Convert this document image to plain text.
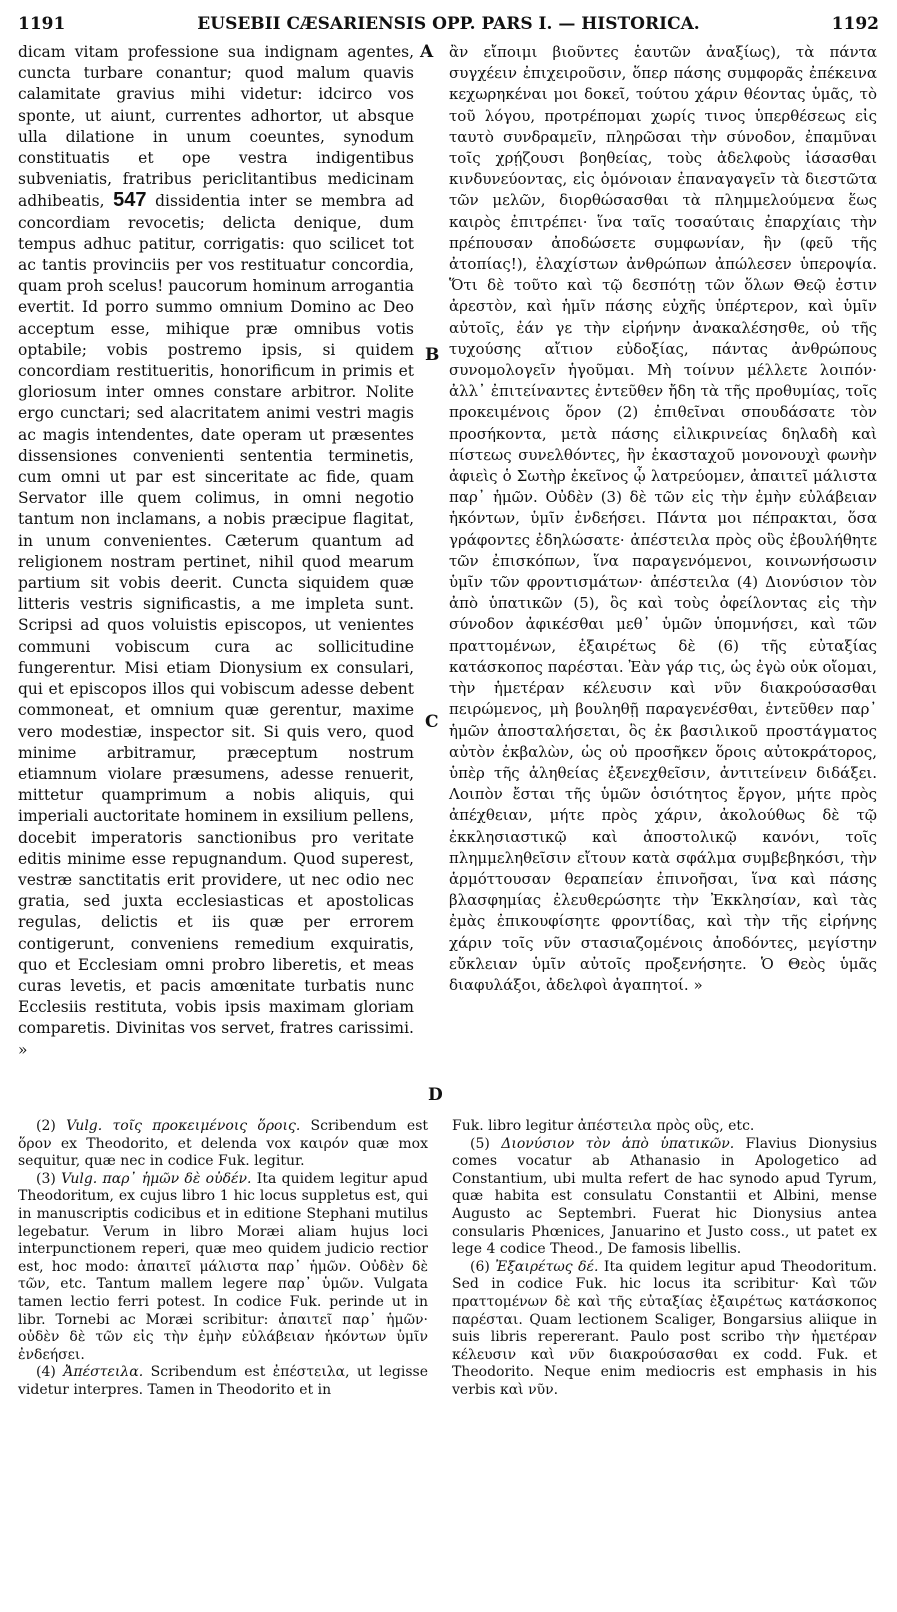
1191	EUSEBII CÆSARIENSIS OPP. PARS I. — HISTORICA.	1192

dicam vitam professione sua indignam agentes, cuncta turbare conantur; quod malum quavis calamitate gravius mihi videtur: idcirco vos sponte, ut aiunt, currentes adhortor, ut absque ulla dilatione in unum coeuntes, synodum constituatis et ope vestra indigentibus subveniatis, fratribus periclitantibus medicinam adhibeatis, 547 dissidentia inter se membra ad concordiam revocetis; delicta denique, dum tempus adhuc patitur, corrigatis: quo scilicet tot ac tantis provinciis per vos restituatur concordia, quam proh scelus! paucorum hominum arrogantia evertit. Id porro summo omnium Domino ac Deo acceptum esse, mihique præ omnibus votis optabile; vobis postremo ipsis, si quidem concordiam restitueritis, honorificum in primis et gloriosum inter omnes constare arbitror. Nolite ergo cunctari; sed alacritatem animi vestri magis ac magis intendentes, date operam ut præsentes dissensiones convenienti sententia terminetis, cum omni ut par est sinceritate ac fide, quam Servator ille quem colimus, in omni negotio tantum non inclamans, a nobis præcipue flagitat, in unum convenientes. Cæterum quantum ad religionem nostram pertinet, nihil quod mearum partium sit vobis deerit. Cuncta siquidem quæ litteris vestris significastis, a me impleta sunt. Scripsi ad quos voluistis episcopos, ut venientes communi vobiscum cura ac sollicitudine fungerentur. Misi etiam Dionysium ex consulari, qui et episcopos illos qui vobiscum adesse debent commoneat, et omnium quæ gerentur, maxime vero modestiæ, inspector sit. Si quis vero, quod minime arbitramur, præceptum nostrum etiamnum violare præsumens, adesse renuerit, mittetur quamprimum a nobis aliquis, qui imperiali auctoritate hominem in exsilium pellens, docebit imperatoris sanctionibus pro veritate editis minime esse repugnandum. Quod superest, vestræ sanctitatis erit providere, ut nec odio nec gratia, sed juxta ecclesiasticas et apostolicas regulas, delictis et iis quæ per errorem contigerunt, conveniens remedium exquiratis, quo et Ecclesiam omni probro liberetis, et meas curas levetis, et pacis amœnitate turbatis nunc Ecclesiis restituta, vobis ipsis maximam gloriam comparetis. Divinitas vos servet, fratres carissimi. »

A
B
C
D

ἂν εἴποιμι βιοῦντες ἑαυτῶν ἀναξίως), τὰ πάντα συγχέειν ἐπιχειροῦσιν, ὅπερ πάσης συμφορᾶς ἐπέκεινα κεχωρηκέναι μοι δοκεῖ, τούτου χάριν θέοντας ὑμᾶς, τὸ τοῦ λόγου, προτρέπομαι χωρίς τινος ὑπερθέσεως εἰς ταυτὸ συνδραμεῖν, πληρῶσαι τὴν σύνοδον, ἐπαμῦναι τοῖς χρῄζουσι βοηθείας, τοὺς ἀδελφοὺς ἰάσασθαι κινδυνεύοντας, εἰς ὁμόνοιαν ἐπαναγαγεῖν τὰ διεστῶτα τῶν μελῶν, διορθώσασθαι τὰ πλημμελούμενα ἕως καιρὸς ἐπιτρέπει· ἵνα ταῖς τοσαύταις ἐπαρχίαις τὴν πρέπουσαν ἀποδώσετε συμφωνίαν, ἣν (φεῦ τῆς ἀτοπίας!), ἐλαχίστων ἀνθρώπων ἀπώλεσεν ὑπεροψία. Ὅτι δὲ τοῦτο καὶ τῷ δεσπότῃ τῶν ὅλων Θεῷ ἐστιν ἀρεστὸν, καὶ ἡμῖν πάσης εὐχῆς ὑπέρτερον, καὶ ὑμῖν αὐτοῖς, ἐάν γε τὴν εἰρήνην ἀνακαλέσησθε, οὐ τῆς τυχούσης αἴτιον εὐδοξίας, πάντας ἀνθρώπους συνομολογεῖν ἡγοῦμαι. Μὴ τοίνυν μέλλετε λοιπόν· ἀλλ᾽ ἐπιτείναντες ἐντεῦθεν ἤδη τὰ τῆς προθυμίας, τοῖς προκειμένοις ὅρον (2) ἐπιθεῖναι σπουδάσατε τὸν προσήκοντα, μετὰ πάσης εἰλικρινείας δηλαδὴ καὶ πίστεως συνελθόντες, ἣν ἑκασταχοῦ μονονουχὶ φωνὴν ἀφιεὶς ὁ Σωτὴρ ἐκεῖνος ᾧ λατρεύομεν, ἀπαιτεῖ μάλιστα παρ᾽ ἡμῶν. Οὐδὲν (3) δὲ τῶν εἰς τὴν ἐμὴν εὐλάβειαν ἡκόντων, ὑμῖν ἐνδεήσει. Πάντα μοι πέπρακται, ὅσα γράφοντες ἐδηλώσατε· ἀπέστειλα πρὸς οὓς ἐβουλήθητε τῶν ἐπισκόπων, ἵνα παραγενόμενοι, κοινωνήσωσιν ὑμῖν τῶν φροντισμάτων· ἀπέστειλα (4) Διονύσιον τὸν ἀπὸ ὑπατικῶν (5), ὃς καὶ τοὺς ὀφείλοντας εἰς τὴν σύνοδον ἀφικέσθαι μεθ᾽ ὑμῶν ὑπομνήσει, καὶ τῶν πραττομένων, ἐξαιρέτως δὲ (6) τῆς εὐταξίας κατάσκοπος παρέσται. Ἐὰν γάρ τις, ὡς ἐγὼ οὐκ οἴομαι, τὴν ἡμετέραν κέλευσιν καὶ νῦν διακρούσασθαι πειρώμενος, μὴ βουληθῇ παραγενέσθαι, ἐντεῦθεν παρ᾽ ἡμῶν ἀποσταλήσεται, ὃς ἐκ βασιλικοῦ προστάγματος αὐτὸν ἐκβαλὼν, ὡς οὐ προσῆκεν ὅροις αὐτοκράτορος, ὑπὲρ τῆς ἀληθείας ἐξενεχθεῖσιν, ἀντιτείνειν διδάξει. Λοιπὸν ἔσται τῆς ὑμῶν ὁσιότητος ἔργον, μήτε πρὸς ἀπέχθειαν, μήτε πρὸς χάριν, ἀκολούθως δὲ τῷ ἐκκλησιαστικῷ καὶ ἀποστολικῷ κανόνι, τοῖς πλημμεληθεῖσιν εἴτουν κατὰ σφάλμα συμβεβηκόσι, τὴν ἁρμόττουσαν θεραπείαν ἐπινοῆσαι, ἵνα καὶ πάσης βλασφημίας ἐλευθερώσητε τὴν Ἐκκλησίαν, καὶ τὰς ἐμὰς ἐπικουφίσητε φροντίδας, καὶ τὴν τῆς εἰρήνης χάριν τοῖς νῦν στασιαζομένοις ἀποδόντες, μεγίστην εὔκλειαν ὑμῖν αὐτοῖς προξενήσητε. Ὁ Θεὸς ὑμᾶς διαφυλάξοι, ἀδελφοὶ ἀγαπητοί. »

(2) Vulg. τοῖς προκειμένοις ὅροις. Scribendum est ὅρον ex Theodorito, et delenda vox καιρόν quæ mox sequitur, quæ nec in codice Fuk. legitur.

(3) Vulg. παρ᾽ ἡμῶν δὲ οὐδέν. Ita quidem legitur apud Theodoritum, ex cujus libro 1 hic locus suppletus est, qui in manuscriptis codicibus et in editione Stephani mutilus legebatur. Verum in libro Moræi aliam hujus loci interpunctionem reperi, quæ meo quidem judicio rectior est, hoc modo: ἀπαιτεῖ μάλιστα παρ᾽ ἡμῶν. Οὐδὲν δὲ τῶν, etc. Tantum mallem legere παρ᾽ ὑμῶν. Vulgata tamen lectio ferri potest. In codice Fuk. perinde ut in libr. Tornebi ac Moræi scribitur: ἀπαιτεῖ παρ᾽ ἡμῶν· οὐδὲν δὲ τῶν εἰς τὴν ἐμὴν εὐλάβειαν ἡκόντων ὑμῖν ἐνδεήσει.

(4) Ἀπέστειλα. Scribendum est ἐπέστειλα, ut legisse videtur interpres. Tamen in Theodorito et in

Fuk. libro legitur ἀπέστειλα πρὸς οὓς, etc.

(5) Διονύσιον τὸν ἀπὸ ὑπατικῶν. Flavius Dionysius comes vocatur ab Athanasio in Apologetico ad Constantium, ubi multa refert de hac synodo apud Tyrum, quæ habita est consulatu Constantii et Albini, mense Augusto ac Septembri. Fuerat hic Dionysius antea consularis Phœnices, Januarino et Justo coss., ut patet ex lege 4 codice Theod., De famosis libellis.

(6) Ἐξαιρέτως δέ. Ita quidem legitur apud Theodoritum. Sed in codice Fuk. hic locus ita scribitur· Καὶ τῶν πραττομένων δὲ καὶ τῆς εὐταξίας ἐξαιρέτως κατάσκοπος παρέσται. Quam lectionem Scaliger, Bongarsius aliique in suis libris repererant. Paulo post scribo τὴν ἡμετέραν κέλευσιν καὶ νῦν διακρούσασθαι ex codd. Fuk. et Theodorito. Neque enim mediocris est emphasis in his verbis καὶ νῦν.
